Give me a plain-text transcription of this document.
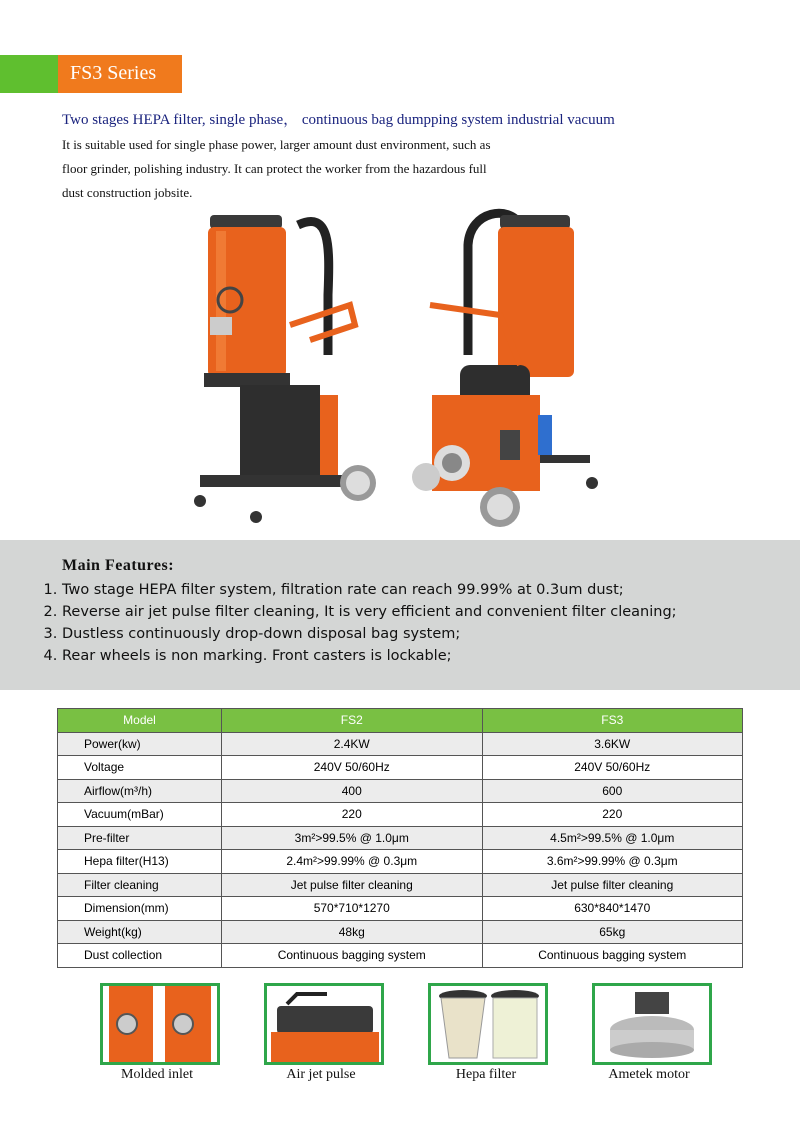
FS3 Series
Two stages HEPA filter, single phase， continuous bag dumpping system industrial vacuum
It is suitable used for single phase power, larger amount dust environment, such as
floor grinder, polishing industry. It can protect the worker from the hazardous full
dust construction jobsite.
Main Features:
1. Two stage HEPA filter system, filtration rate can reach 99.99% at 0.3um dust;
2. Reverse air jet pulse filter cleaning, It is very efficient and convenient filter cleaning;
3. Dustless continuously drop-down disposal bag system;
4. Rear wheels is non marking. Front casters is lockable;
Model	FS2	FS3
Power(kw)	2.4KW	3.6KW
Voltage	240V 50/60Hz	240V 50/60Hz
Airflow(m³/h)	400	600
Vacuum(mBar)	220	220
Pre-filter	3m²>99.5% @ 1.0μm	4.5m²>99.5% @ 1.0μm
Hepa filter(H13)	2.4m²>99.99% @ 0.3μm	3.6m²>99.99% @ 0.3μm
Filter cleaning	Jet pulse filter cleaning	Jet pulse filter cleaning
Dimension(mm)	570*710*1270	630*840*1470
Weight(kg)	48kg	65kg
Dust collection	Continuous bagging system	Continuous bagging system
Molded inlet	Air jet pulse	Hepa filter	Ametek motor
